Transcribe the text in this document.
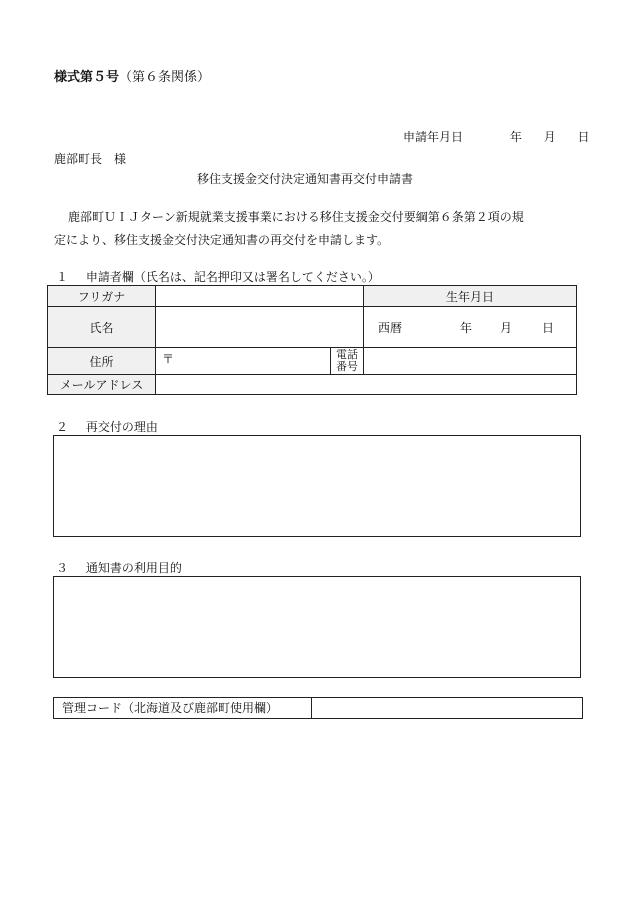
様式第５号（第６条関係）
申請年月日	年 月 日
鹿部町長　様
移住支援金交付決定通知書再交付申請書
鹿部町ＵＩＪターン新規就業支援事業における移住支援金交付要綱第６条第２項の規
定により、移住支援金交付決定通知書の再交付を申請します。
１ 申請者欄（氏名は、記名押印又は署名してください。）
フリガナ			生年月日
氏名			西暦 年 月 日

住所	〒	電話
番号	

メールアドレス			
２ 再交付の理由
３ 通知書の利用目的
管理コード（北海道及び鹿部町使用欄）
